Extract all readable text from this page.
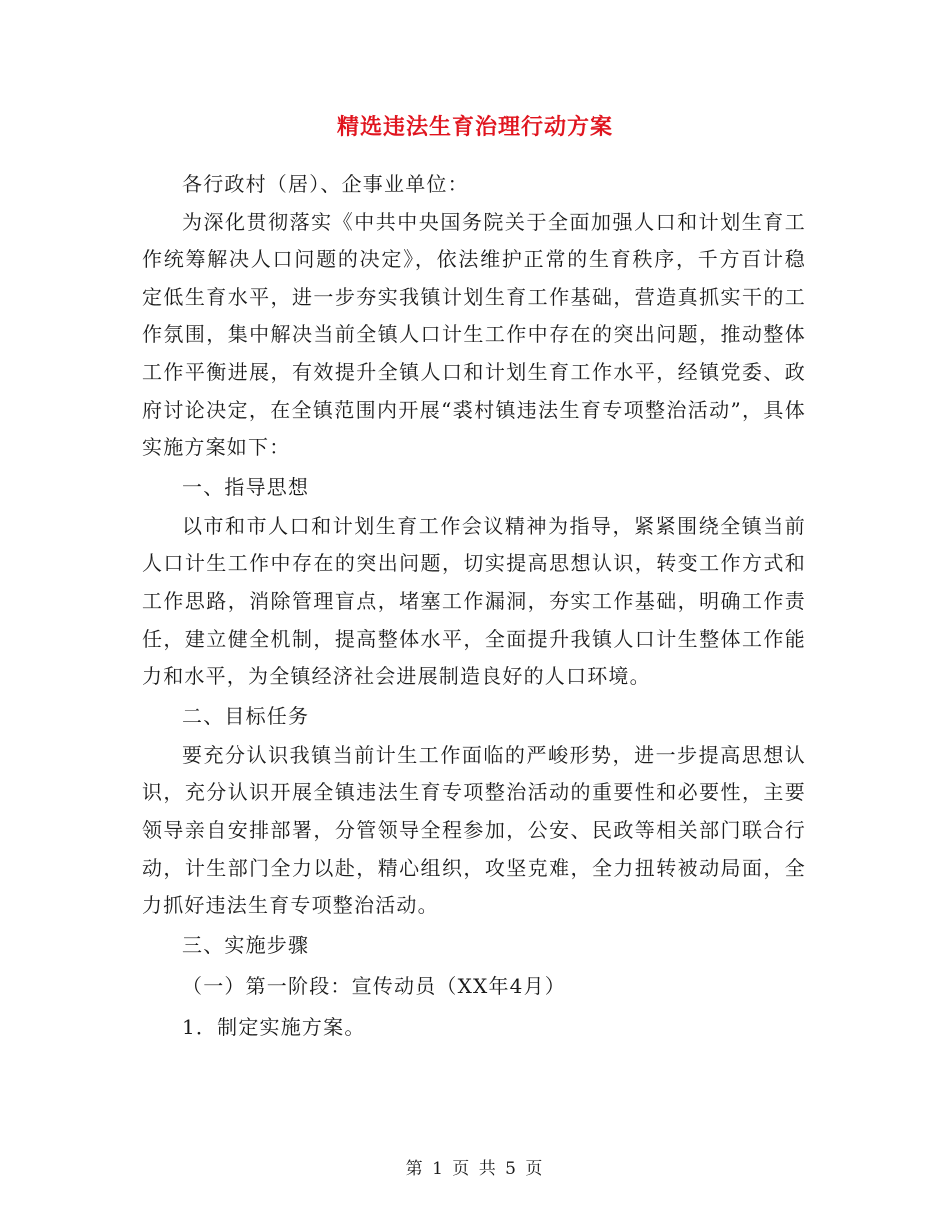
精选违法生育治理行动方案

各行政村（居）、企事业单位：

为深化贯彻落实《中共中央国务院关于全面加强人口和计划生育工作统筹解决人口问题的决定》，依法维护正常的生育秩序，千方百计稳定低生育水平，进一步夯实我镇计划生育工作基础，营造真抓实干的工作氛围，集中解决当前全镇人口计生工作中存在的突出问题，推动整体工作平衡进展，有效提升全镇人口和计划生育工作水平，经镇党委、政府讨论决定，在全镇范围内开展“裘村镇违法生育专项整治活动”，具体实施方案如下：

一、指导思想

以市和市人口和计划生育工作会议精神为指导，紧紧围绕全镇当前人口计生工作中存在的突出问题，切实提高思想认识，转变工作方式和工作思路，消除管理盲点，堵塞工作漏洞，夯实工作基础，明确工作责任，建立健全机制，提高整体水平，全面提升我镇人口计生整体工作能力和水平，为全镇经济社会进展制造良好的人口环境。

二、目标任务

要充分认识我镇当前计生工作面临的严峻形势，进一步提高思想认识，充分认识开展全镇违法生育专项整治活动的重要性和必要性，主要领导亲自安排部署，分管领导全程参加，公安、民政等相关部门联合行动，计生部门全力以赴，精心组织，攻坚克难，全力扭转被动局面，全力抓好违法生育专项整治活动。

三、实施步骤

（一）第一阶段：宣传动员（XX年4月）

1．制定实施方案。

第 1 页 共 5 页
